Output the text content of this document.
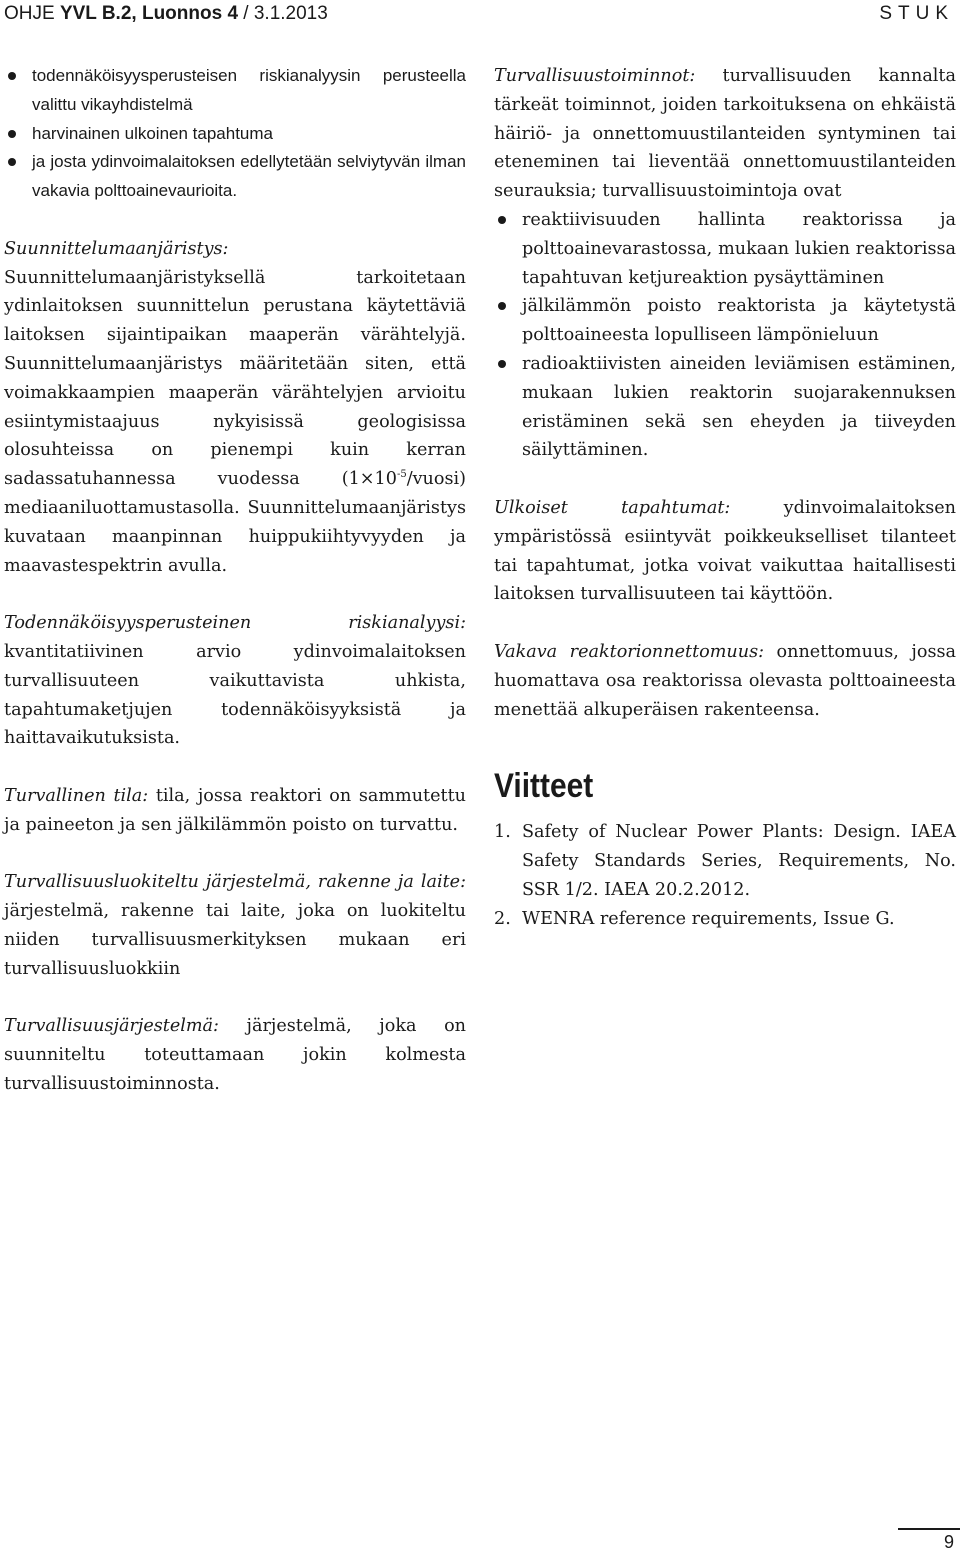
OHJE YVL B.2, Luonnos 4 / 3.1.2013	STUK
todennäköisyysperusteisen riskianalyysin perusteella valittu vikayhdistelmä
harvinainen ulkoinen tapahtuma
ja josta ydinvoimalaitoksen edellytetään selviytyvän ilman vakavia polttoainevaurioita.

Suunnittelumaanjäristys: Suunnittelumaanjäristyksellä tarkoitetaan ydinlaitoksen suunnittelun perustana käytettäviä laitoksen sijaintipaikan maaperän värähtelyjä. Suunnittelumaanjäristys määritetään siten, että voimakkaampien maaperän värähtelyjen arvioitu esiintymistaajuus nykyisissä geologisissa olosuhteissa on pienempi kuin kerran sadassatuhannessa vuodessa $(1\times 10^{-5}/vuosi)$ mediaaniluottamustasolla. Suunnittelumaanjäristys kuvataan maanpinnan huippukiihtyvyyden ja maavastespektrin avulla.

Todennäköisyysperusteinen riskianalyysi: kvantitatiivinen arvio ydinvoimalaitoksen turvallisuuteen vaikuttavista uhkista, tapahtumaketjujen todennäköisyyksistä ja haittavaikutuksista.

Turvallinen tila: tila, jossa reaktori on sammutettu ja paineeton ja sen jälkilämmön poisto on turvattu.

Turvallisuusluokiteltu järjestelmä, rakenne ja laite: järjestelmä, rakenne tai laite, joka on luokiteltu niiden turvallisuusmerkityksen mukaan eri turvallisuusluokkiin

Turvallisuusjärjestelmä: järjestelmä, joka on suunniteltu toteuttamaan jokin kolmesta turvallisuustoiminnosta.

Turvallisuustoiminnot: turvallisuuden kannalta tärkeät toiminnot, joiden tarkoituksena on ehkäistä häiriö- ja onnettomuustilanteiden syntyminen tai eteneminen tai lieventää onnettomuustilanteiden seurauksia; turvallisuustoimintoja ovat

reaktiivisuuden hallinta reaktorissa ja polttoainevarastossa, mukaan lukien reaktorissa tapahtuvan ketjureaktion pysäyttäminen
jälkilämmön poisto reaktorista ja käytetystä polttoaineesta lopulliseen lämpönieluun
radioaktiivisten aineiden leviämisen estäminen, mukaan lukien reaktorin suojarakennuksen eristäminen sekä sen eheyden ja tiiveyden säilyttäminen.

Ulkoiset tapahtumat: ydinvoimalaitoksen ympäristössä esiintyvät poikkeukselliset tilanteet tai tapahtumat, jotka voivat vaikuttaa haitallisesti laitoksen turvallisuuteen tai käyttöön.

Vakava reaktorionnettomuus: onnettomuus, jossa huomattava osa reaktorissa olevasta polttoaineesta menettää alkuperäisen rakenteensa.

Viitteet
1. Safety of Nuclear Power Plants: Design. IAEA Safety Standards Series, Requirements, No. SSR 1/2. IAEA 20.2.2012.
2. WENRA reference requirements, Issue G.
9
